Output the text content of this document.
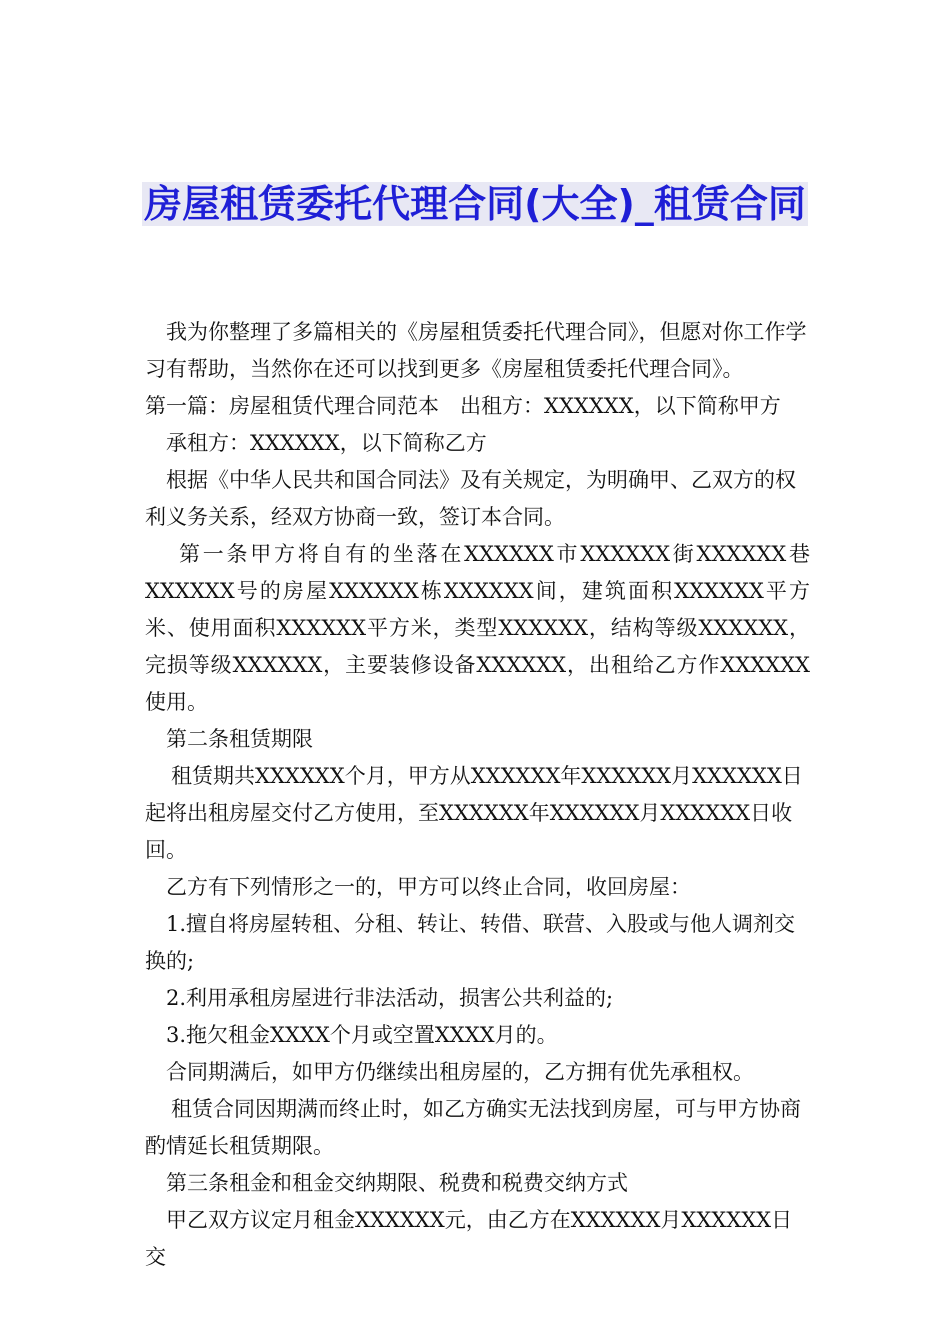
房屋租赁委托代理合同(大全)_租赁合同

我为你整理了多篇相关的《房屋租赁委托代理合同》，但愿对你工作学习有帮助，当然你在还可以找到更多《房屋租赁委托代理合同》。

第一篇：房屋租赁代理合同范本　出租方：XXXXXX，以下简称甲方

承租方：XXXXXX，以下简称乙方

根据《中华人民共和国合同法》及有关规定，为明确甲、乙双方的权利义务关系，经双方协商一致，签订本合同。

第一条甲方将自有的坐落在XXXXXX市XXXXXX街XXXXXX巷XXXXXX号的房屋XXXXXX栋XXXXXX间，建筑面积XXXXXX平方米、使用面积XXXXXX平方米，类型XXXXXX，结构等级XXXXXX，完损等级XXXXXX，主要装修设备XXXXXX，出租给乙方作XXXXXX使用。

第二条租赁期限

租赁期共XXXXXX个月，甲方从XXXXXX年XXXXXX月XXXXXX日起将出租房屋交付乙方使用，至XXXXXX年XXXXXX月XXXXXX日收回。

乙方有下列情形之一的，甲方可以终止合同，收回房屋：

1.擅自将房屋转租、分租、转让、转借、联营、入股或与他人调剂交换的;

2.利用承租房屋进行非法活动，损害公共利益的;

3.拖欠租金XXXX个月或空置XXXX月的。

合同期满后，如甲方仍继续出租房屋的，乙方拥有优先承租权。

租赁合同因期满而终止时，如乙方确实无法找到房屋，可与甲方协商酌情延长租赁期限。

第三条租金和租金交纳期限、税费和税费交纳方式

甲乙双方议定月租金XXXXXX元，由乙方在XXXXXX月XXXXXX日交
